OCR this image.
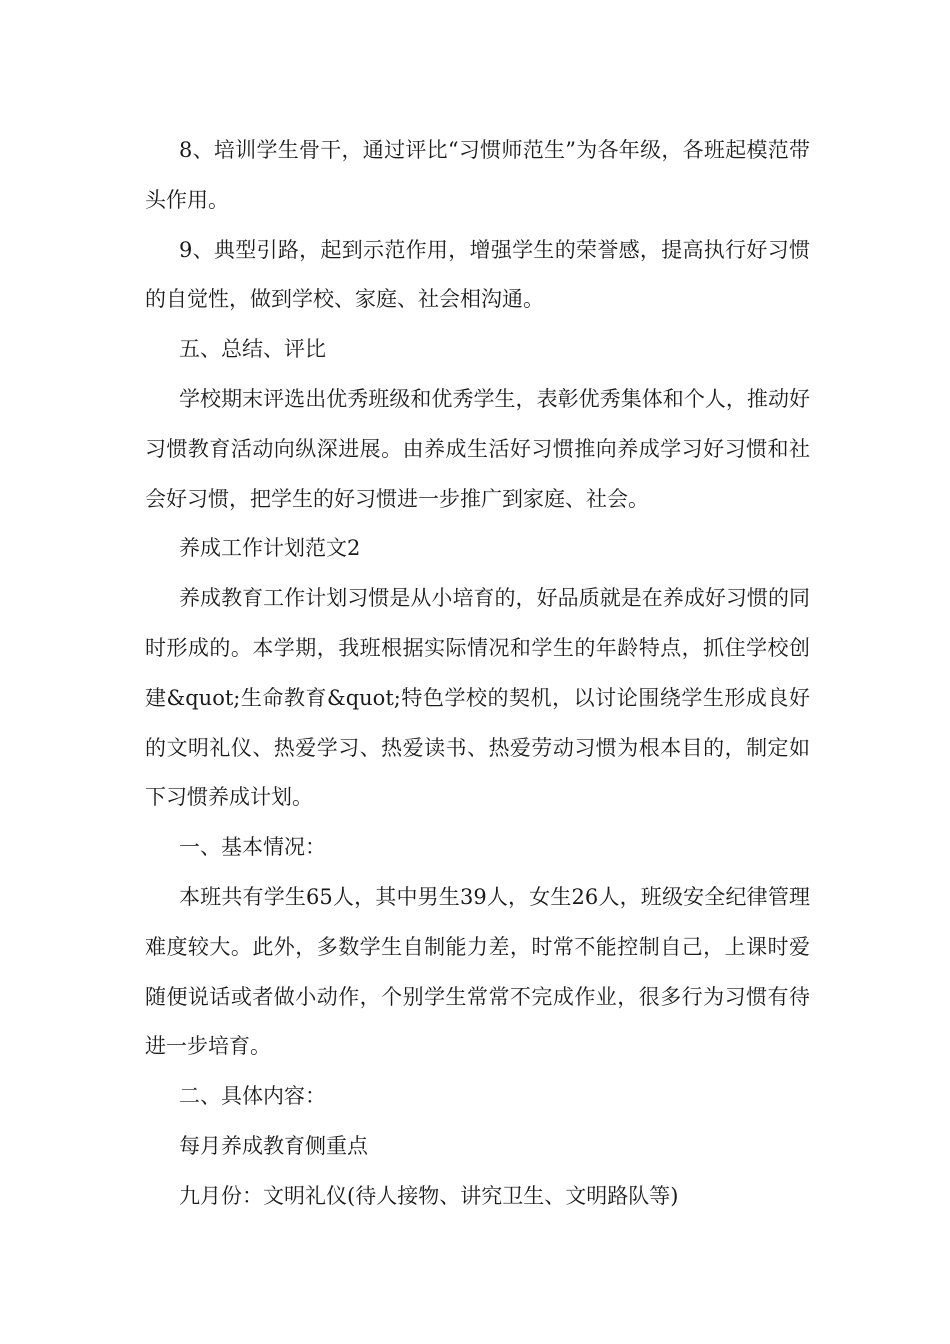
8、培训学生骨干，通过评比“习惯师范生”为各年级，各班起模范带头作用。

9、典型引路，起到示范作用，增强学生的荣誉感，提高执行好习惯的自觉性，做到学校、家庭、社会相沟通。

五、总结、评比

学校期末评选出优秀班级和优秀学生，表彰优秀集体和个人，推动好习惯教育活动向纵深进展。由养成生活好习惯推向养成学习好习惯和社会好习惯，把学生的好习惯进一步推广到家庭、社会。

养成工作计划范文2

养成教育工作计划习惯是从小培育的，好品质就是在养成好习惯的同时形成的。本学期，我班根据实际情况和学生的年龄特点，抓住学校创建&quot;生命教育&quot;特色学校的契机，以讨论围绕学生形成良好的文明礼仪、热爱学习、热爱读书、热爱劳动习惯为根本目的，制定如下习惯养成计划。

一、基本情况：

本班共有学生65人，其中男生39人，女生26人，班级安全纪律管理难度较大。此外，多数学生自制能力差，时常不能控制自己，上课时爱随便说话或者做小动作，个别学生常常不完成作业，很多行为习惯有待进一步培育。

二、具体内容：

每月养成教育侧重点

九月份：文明礼仪(待人接物、讲究卫生、文明路队等)
